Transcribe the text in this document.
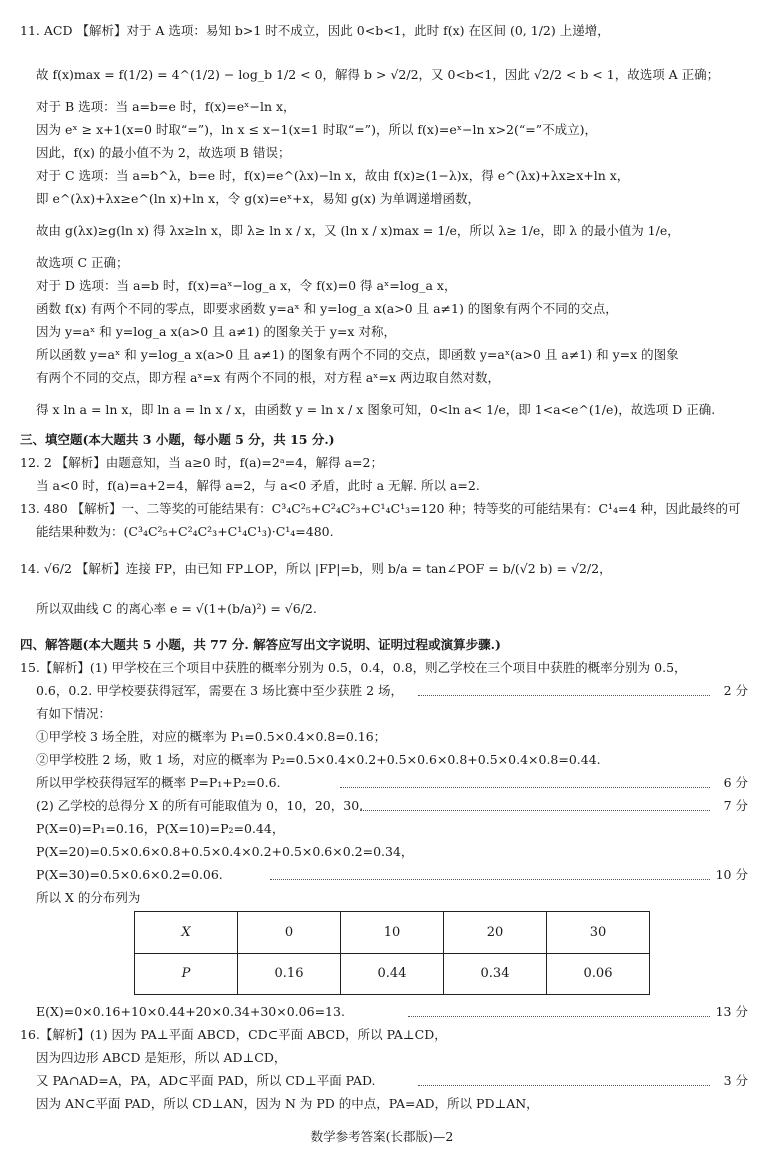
X	0	10	20	30
P	0.16	0.44	0.34	0.06
数学参考答案(长郡版)—2
11. ACD 【解析】对于 A 选项：易知 b>1 时不成立，因此 0<b<1，此时 f(x) 在区间 (0, 1/2) 上递增，
故 f(x)max = f(1/2) = 4^(1/2) − log_b 1/2 < 0，解得 b > √2/2，又 0<b<1，因此 √2/2 < b < 1，故选项 A 正确；
对于 B 选项：当 a=b=e 时，f(x)=eˣ−ln x，
因为 eˣ ≥ x+1(x=0 时取“=”)，ln x ≤ x−1(x=1 时取“=”)，所以 f(x)=eˣ−ln x>2(“=”不成立)，
因此，f(x) 的最小值不为 2，故选项 B 错误；
对于 C 选项：当 a=b^λ，b=e 时，f(x)=e^(λx)−ln x，故由 f(x)≥(1−λ)x，得 e^(λx)+λx≥x+ln x，
即 e^(λx)+λx≥e^(ln x)+ln x，令 g(x)=eˣ+x，易知 g(x) 为单调递增函数，
故由 g(λx)≥g(ln x) 得 λx≥ln x，即 λ≥ ln x / x，又 (ln x / x)max = 1/e，所以 λ≥ 1/e，即 λ 的最小值为 1/e，
故选项 C 正确；
对于 D 选项：当 a=b 时，f(x)=aˣ−log_a x，令 f(x)=0 得 aˣ=log_a x，
函数 f(x) 有两个不同的零点，即要求函数 y=aˣ 和 y=log_a x(a>0 且 a≠1) 的图象有两个不同的交点，
因为 y=aˣ 和 y=log_a x(a>0 且 a≠1) 的图象关于 y=x 对称，
所以函数 y=aˣ 和 y=log_a x(a>0 且 a≠1) 的图象有两个不同的交点，即函数 y=aˣ(a>0 且 a≠1) 和 y=x 的图象
有两个不同的交点，即方程 aˣ=x 有两个不同的根，对方程 aˣ=x 两边取自然对数，
得 x ln a = ln x，即 ln a = ln x / x，由函数 y = ln x / x 图象可知，0<ln a< 1/e，即 1<a<e^(1/e)，故选项 D 正确.
三、填空题(本大题共 3 小题，每小题 5 分，共 15 分.)
12. 2 【解析】由题意知，当 a≥0 时，f(a)=2ᵃ=4，解得 a=2；
当 a<0 时，f(a)=a+2=4，解得 a=2，与 a<0 矛盾，此时 a 无解. 所以 a=2.
13. 480 【解析】一、二等奖的可能结果有：C³₄C²₅+C²₄C²₃+C¹₄C¹₃=120 种；特等奖的可能结果有：C¹₄=4 种，因此最终的可
能结果种数为：(C³₄C²₅+C²₄C²₃+C¹₄C¹₃)·C¹₄=480.
14. √6/2 【解析】连接 FP，由已知 FP⊥OP，所以 |FP|=b，则 b/a = tan∠POF = b/(√2 b) = √2/2，
所以双曲线 C 的离心率 e = √(1+(b/a)²) = √6/2.
四、解答题(本大题共 5 小题，共 77 分. 解答应写出文字说明、证明过程或演算步骤.)
15.【解析】(1) 甲学校在三个项目中获胜的概率分别为 0.5，0.4，0.8，则乙学校在三个项目中获胜的概率分别为 0.5，
0.6，0.2. 甲学校要获得冠军，需要在 3 场比赛中至少获胜 2 场，
有如下情况：
①甲学校 3 场全胜，对应的概率为 P₁=0.5×0.4×0.8=0.16；
②甲学校胜 2 场，败 1 场，对应的概率为 P₂=0.5×0.4×0.2+0.5×0.6×0.8+0.5×0.4×0.8=0.44.
所以甲学校获得冠军的概率 P=P₁+P₂=0.6.
(2) 乙学校的总得分 X 的所有可能取值为 0，10，20，30.
P(X=0)=P₁=0.16，P(X=10)=P₂=0.44，
P(X=20)=0.5×0.6×0.8+0.5×0.4×0.2+0.5×0.6×0.2=0.34，
P(X=30)=0.5×0.6×0.2=0.06.
所以 X 的分布列为
E(X)=0×0.16+10×0.44+20×0.34+30×0.06=13.
16.【解析】(1) 因为 PA⊥平面 ABCD，CD⊂平面 ABCD，所以 PA⊥CD，
因为四边形 ABCD 是矩形，所以 AD⊥CD，
又 PA∩AD=A，PA，AD⊂平面 PAD，所以 CD⊥平面 PAD.
因为 AN⊂平面 PAD，所以 CD⊥AN，因为 N 为 PD 的中点，PA=AD，所以 PD⊥AN，
2 分
6 分
7 分
10 分
13 分
3 分
